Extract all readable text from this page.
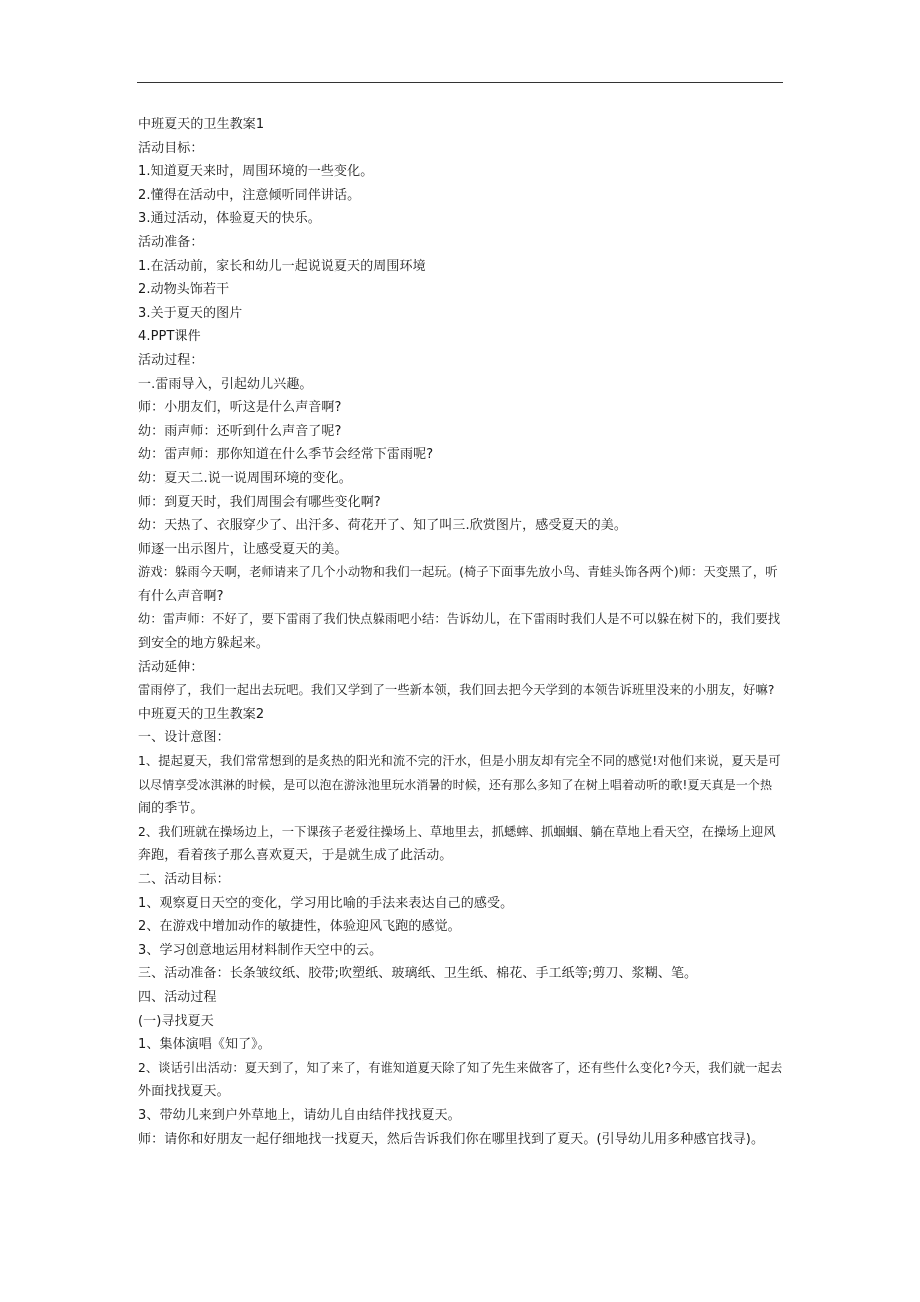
中班夏天的卫生教案1
活动目标：
1.知道夏天来时，周围环境的一些变化。
2.懂得在活动中，注意倾听同伴讲话。
3.通过活动，体验夏天的快乐。
活动准备：
1.在活动前，家长和幼儿一起说说夏天的周围环境
2.动物头饰若干
3.关于夏天的图片
4.PPT课件
活动过程：
一.雷雨导入，引起幼儿兴趣。
师：小朋友们，听这是什么声音啊?
幼：雨声师：还听到什么声音了呢?
幼：雷声师：那你知道在什么季节会经常下雷雨呢?
幼：夏天二.说一说周围环境的变化。
师：到夏天时，我们周围会有哪些变化啊?
幼：天热了、衣服穿少了、出汗多、荷花开了、知了叫三.欣赏图片，感受夏天的美。
师逐一出示图片，让感受夏天的美。
游戏：躲雨今天啊，老师请来了几个小动物和我们一起玩。(椅子下面事先放小鸟、青蛙头饰各两个)师：天变黑了，听
有什么声音啊?
幼：雷声师：不好了，要下雷雨了我们快点躲雨吧小结：告诉幼儿，在下雷雨时我们人是不可以躲在树下的，我们要找
到安全的地方躲起来。
活动延伸：
雷雨停了，我们一起出去玩吧。我们又学到了一些新本领，我们回去把今天学到的本领告诉班里没来的小朋友，好嘛?
中班夏天的卫生教案2
一、设计意图：
1、提起夏天，我们常常想到的是炙热的阳光和流不完的汗水，但是小朋友却有完全不同的感觉!对他们来说，夏天是可
以尽情享受冰淇淋的时候，是可以泡在游泳池里玩水消暑的时候，还有那么多知了在树上唱着动听的歌!夏天真是一个热
闹的季节。
2、我们班就在操场边上，一下课孩子老爱往操场上、草地里去，抓蟋蟀、抓蝈蝈、躺在草地上看天空，在操场上迎风
奔跑，看着孩子那么喜欢夏天，于是就生成了此活动。
二、活动目标：
1、观察夏日天空的变化，学习用比喻的手法来表达自己的感受。
2、在游戏中增加动作的敏捷性，体验迎风飞跑的感觉。
3、学习创意地运用材料制作天空中的云。
三、活动准备：长条皱纹纸、胶带;吹塑纸、玻璃纸、卫生纸、棉花、手工纸等;剪刀、浆糊、笔。
四、活动过程
(一)寻找夏天
1、集体演唱《知了》。
2、谈话引出活动：夏天到了，知了来了，有谁知道夏天除了知了先生来做客了，还有些什么变化?今天，我们就一起去
外面找找夏天。
3、带幼儿来到户外草地上，请幼儿自由结伴找找夏天。
师：请你和好朋友一起仔细地找一找夏天，然后告诉我们你在哪里找到了夏天。(引导幼儿用多种感官找寻)。
